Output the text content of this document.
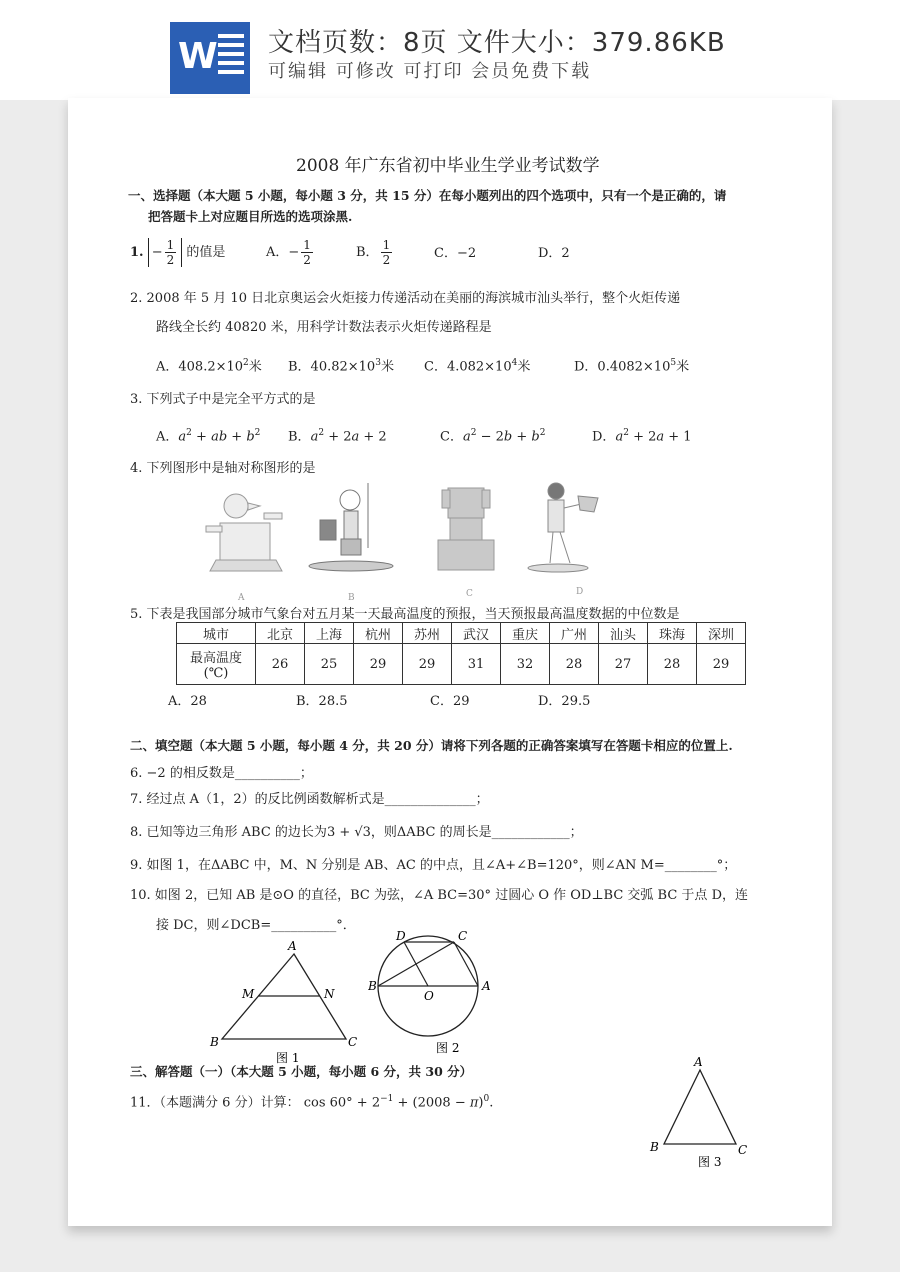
W 文档页数：8页 文件大小：379.86KB
可编辑 可修改 可打印 会员免费下载
2008 年广东省初中毕业生学业考试数学
一、选择题（本大题 5 小题，每小题 3 分，共 15 分）在每小题列出的四个选项中，只有一个是正确的，请
把答题卡上对应题目所选的选项涂黑.
1. − $\frac{1}{2}$ 的值是	A．− $\frac{1}{2}$	B． $\frac{1}{2}$	C．−2	D．2
2. 2008 年 5 月 10 日北京奥运会火炬接力传递活动在美丽的海滨城市汕头举行，整个火炬传递
路线全长约 40820 米，用科学计数法表示火炬传递路程是
A．$408.2\times 10^2$米 B．$40.82\times 10^3$米 C．$4.082\times 10^4$米	D．$0.4082\times 10^5$米
3. 下列式子中是完全平方式的是
A．$a^2$ + ab + $b^2$ B．$a^2 + 2a + 2$	C．$a^2 - 2b + b^2$	D．$a^2 + 2a + 1$
4. 下列图形中是轴对称图形的是
A	B	C	D
5. 下表是我国部分城市气象台对五月某一天最高温度的预报，当天预报最高温度数据的中位数是
城市	北京	上海	杭州	苏州	武汉	重庆	广州	汕头	珠海	深圳
最高温度
(℃)	26	25	29	29	31	32	28	27	28	29
A．28	B．28.5	C．29	D．29.5
二、填空题（本大题 5 小题，每小题 4 分，共 20 分）请将下列各题的正确答案填写在答题卡相应的位置上.
6. −2 的相反数是__________；
7. 经过点 A（1，2）的反比例函数解析式是______________；
8. 已知等边三角形 ABC 的边长为3 + √3，则ΔABC 的周长是____________；
9. 如图 1，在ΔABC 中，M、N 分别是 AB、AC 的中点，且∠A+∠B=120°，则∠AN M=________°；
10. 如图 2，已知 AB 是⊙O 的直径，BC 为弦，∠A BC=30° 过圆心 O 作 OD⊥BC 交弧 BC 于点 D，连
接 DC，则∠DCB=__________°．
A
M	N
B	C
图 1
D	C
B
O
A
图 2
三、解答题（一）（本大题 5 小题，每小题 6 分，共 30 分）
11．（本题满分 6 分）计算： $\cos 60^\circ + 2^{-1} + (2008 - \pi)^0$.
A
B	C
图 3
